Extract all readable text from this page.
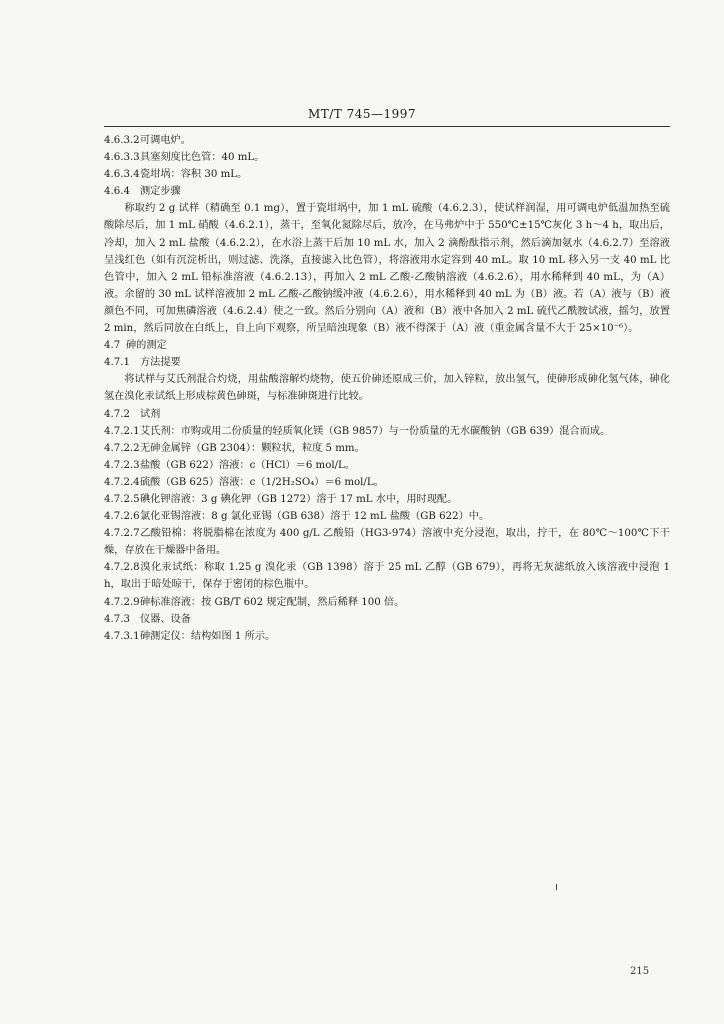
MT/T 745—1997

4.6.3.2可调电炉。

4.6.3.3具塞刻度比色管：40 mL。

4.6.3.4瓷坩埚：容积 30 mL。

4.6.4 测定步骤

称取约 2 g 试样（精确至 0.1 mg），置于瓷坩埚中，加 1 mL 硫酸（4.6.2.3），使试样润湿，用可调电炉低温加热至硫酸除尽后，加 1 mL 硝酸（4.6.2.1），蒸干，至氧化氮除尽后，放冷，在马弗炉中于 550℃±15℃灰化 3 h～4 h，取出后，冷却，加入 2 mL 盐酸（4.6.2.2），在水浴上蒸干后加 10 mL 水，加入 2 滴酚酞指示剂，然后滴加氨水（4.6.2.7）至溶液呈浅红色（如有沉淀析出，则过滤、洗涤，直接滤入比色管），将溶液用水定容到 40 mL。取 10 mL 移入另一支 40 mL 比色管中，加入 2 mL 铅标准溶液（4.6.2.13），再加入 2 mL 乙酸-乙酸钠溶液（4.6.2.6），用水稀释到 40 mL，为（A）液。余留的 30 mL 试样溶液加 2 mL 乙酸-乙酸钠缓冲液（4.6.2.6），用水稀释到 40 mL 为（B）液。若（A）液与（B）液颜色不同，可加焦磷溶液（4.6.2.4）使之一致。然后分别向（A）液和（B）液中各加入 2 mL 硫代乙酰胺试液，摇匀，放置 2 min，然后同放在白纸上，自上向下观察，所呈暗浊现象（B）液不得深于（A）液（重金属含量不大于 25×10⁻⁶）。

4.7 砷的测定

4.7.1 方法提要

将试样与艾氏剂混合灼烧，用盐酸溶解灼烧物，使五价砷还原成三价，加入锌粒，放出氢气，使砷形成砷化氢气体，砷化氢在溴化汞试纸上形成棕黄色砷斑，与标准砷斑进行比较。

4.7.2 试剂

4.7.2.1艾氏剂：市购或用二份质量的轻质氧化镁（GB 9857）与一份质量的无水碳酸钠（GB 639）混合而成。

4.7.2.2无砷金属锌（GB 2304）：颗粒状，粒度 5 mm。

4.7.2.3盐酸（GB 622）溶液：c（HCl）＝6 mol/L。

4.7.2.4硫酸（GB 625）溶液：c（1/2H₂SO₄）＝6 mol/L。

4.7.2.5碘化钾溶液：3 g 碘化钾（GB 1272）溶于 17 mL 水中，用时现配。

4.7.2.6氯化亚锡溶液：8 g 氯化亚锡（GB 638）溶于 12 mL 盐酸（GB 622）中。

4.7.2.7乙酸铅棉：将脱脂棉在浓度为 400 g/L 乙酸铅（HG3-974）溶液中充分浸泡，取出，拧干，在 80℃～100℃下干燥，存放在干燥器中备用。

4.7.2.8溴化汞试纸：称取 1.25 g 溴化汞（GB 1398）溶于 25 mL 乙醇（GB 679），再将无灰滤纸放入该溶液中浸泡 1 h，取出于暗处晾干，保存于密闭的棕色瓶中。

4.7.2.9砷标准溶液：按 GB/T 602 规定配制，然后稀释 100 倍。

4.7.3 仪器、设备

4.7.3.1砷测定仪：结构如图 1 所示。

215
